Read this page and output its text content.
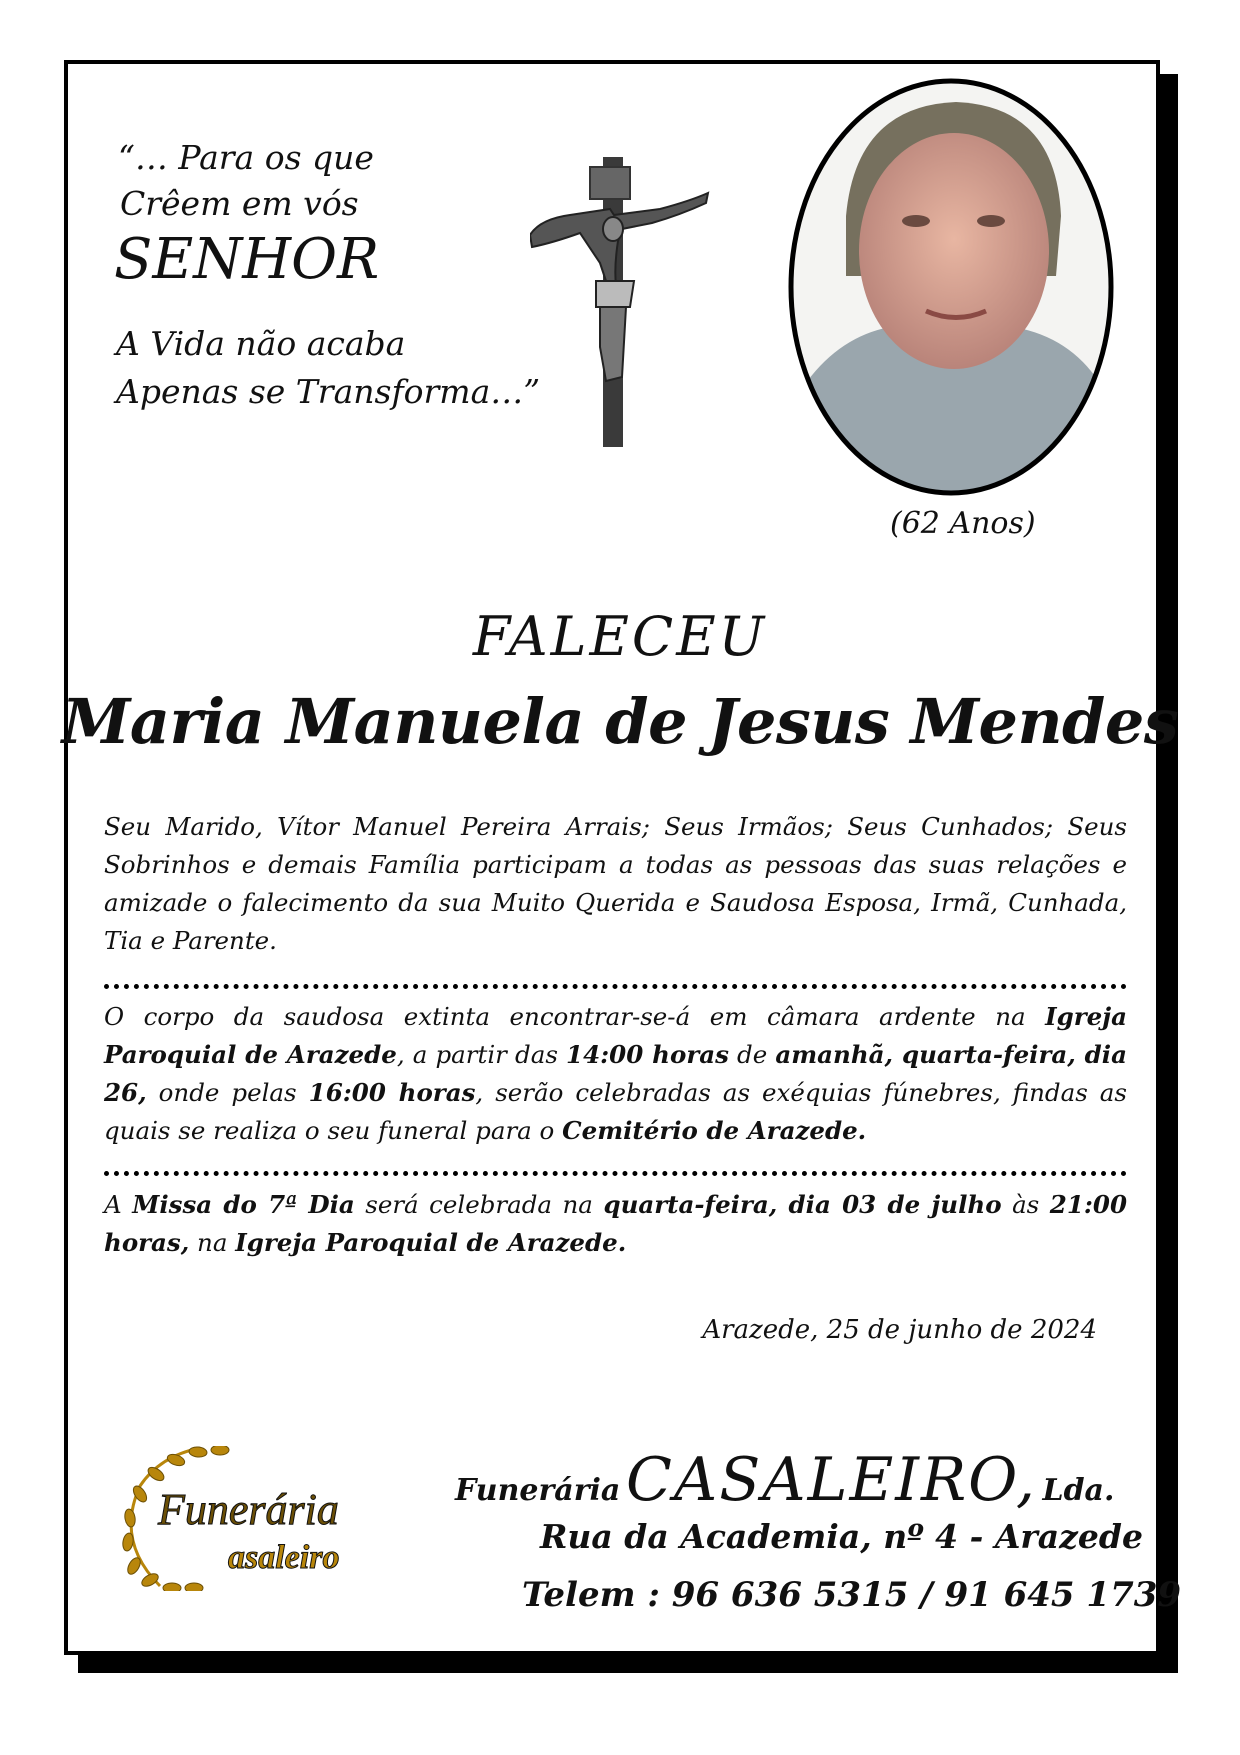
“… Para os que
Crêem em vós
SENHOR
A Vida não acaba
Apenas se Transforma…”
(62 Anos)
FALECEU
Maria Manuela de Jesus Mendes
Seu Marido, Vítor Manuel Pereira Arrais; Seus Irmãos; Seus Cunhados; Seus Sobrinhos e demais Família participam a todas as pessoas das suas relações e amizade o falecimento da sua Muito Querida e Saudosa Esposa, Irmã, Cunhada, Tia e Parente.
O corpo da saudosa extinta encontrar-se-á em câmara ardente na Igreja Paroquial de Arazede, a partir das 14:00 horas de amanhã, quarta-feira, dia 26, onde pelas 16:00 horas, serão celebradas as exéquias fúnebres, findas as quais se realiza o seu funeral para o Cemitério de Arazede.
A Missa do 7ª Dia será celebrada na quarta-feira, dia 03 de julho às 21:00 horas, na Igreja Paroquial de Arazede.
Arazede, 25 de junho de 2024
Funerária
asaleiro
Funerária CASALEIRO, Lda.
Rua da Academia, nº 4 - Arazede
Telem : 96 636 5315 / 91 645 1739
